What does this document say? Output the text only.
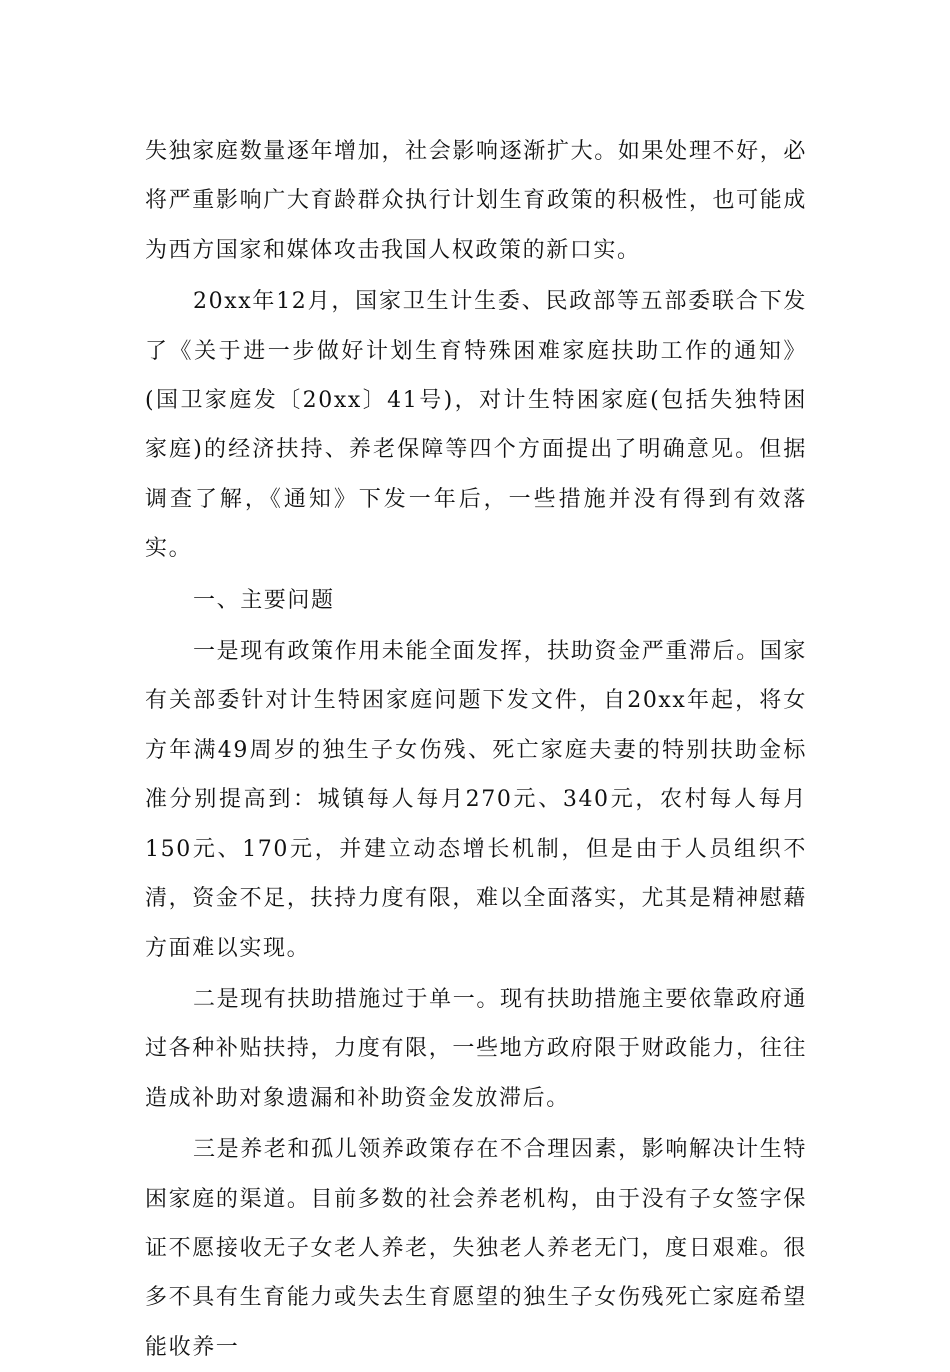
失独家庭数量逐年增加，社会影响逐渐扩大。如果处理不好，必将严重影响广大育龄群众执行计划生育政策的积极性，也可能成为西方国家和媒体攻击我国人权政策的新口实。

20xx年12月，国家卫生计生委、民政部等五部委联合下发了《关于进一步做好计划生育特殊困难家庭扶助工作的通知》(国卫家庭发〔20xx〕41号)，对计生特困家庭(包括失独特困家庭)的经济扶持、养老保障等四个方面提出了明确意见。但据调查了解，《通知》下发一年后，一些措施并没有得到有效落实。

一、主要问题

一是现有政策作用未能全面发挥，扶助资金严重滞后。国家有关部委针对计生特困家庭问题下发文件，自20xx年起，将女方年满49周岁的独生子女伤残、死亡家庭夫妻的特别扶助金标准分别提高到：城镇每人每月270元、340元，农村每人每月150元、170元，并建立动态增长机制，但是由于人员组织不清，资金不足，扶持力度有限，难以全面落实，尤其是精神慰藉方面难以实现。

二是现有扶助措施过于单一。现有扶助措施主要依靠政府通过各种补贴扶持，力度有限，一些地方政府限于财政能力，往往造成补助对象遗漏和补助资金发放滞后。

三是养老和孤儿领养政策存在不合理因素，影响解决计生特困家庭的渠道。目前多数的社会养老机构，由于没有子女签字保证不愿接收无子女老人养老，失独老人养老无门，度日艰难。很多不具有生育能力或失去生育愿望的独生子女伤残死亡家庭希望能收养一
